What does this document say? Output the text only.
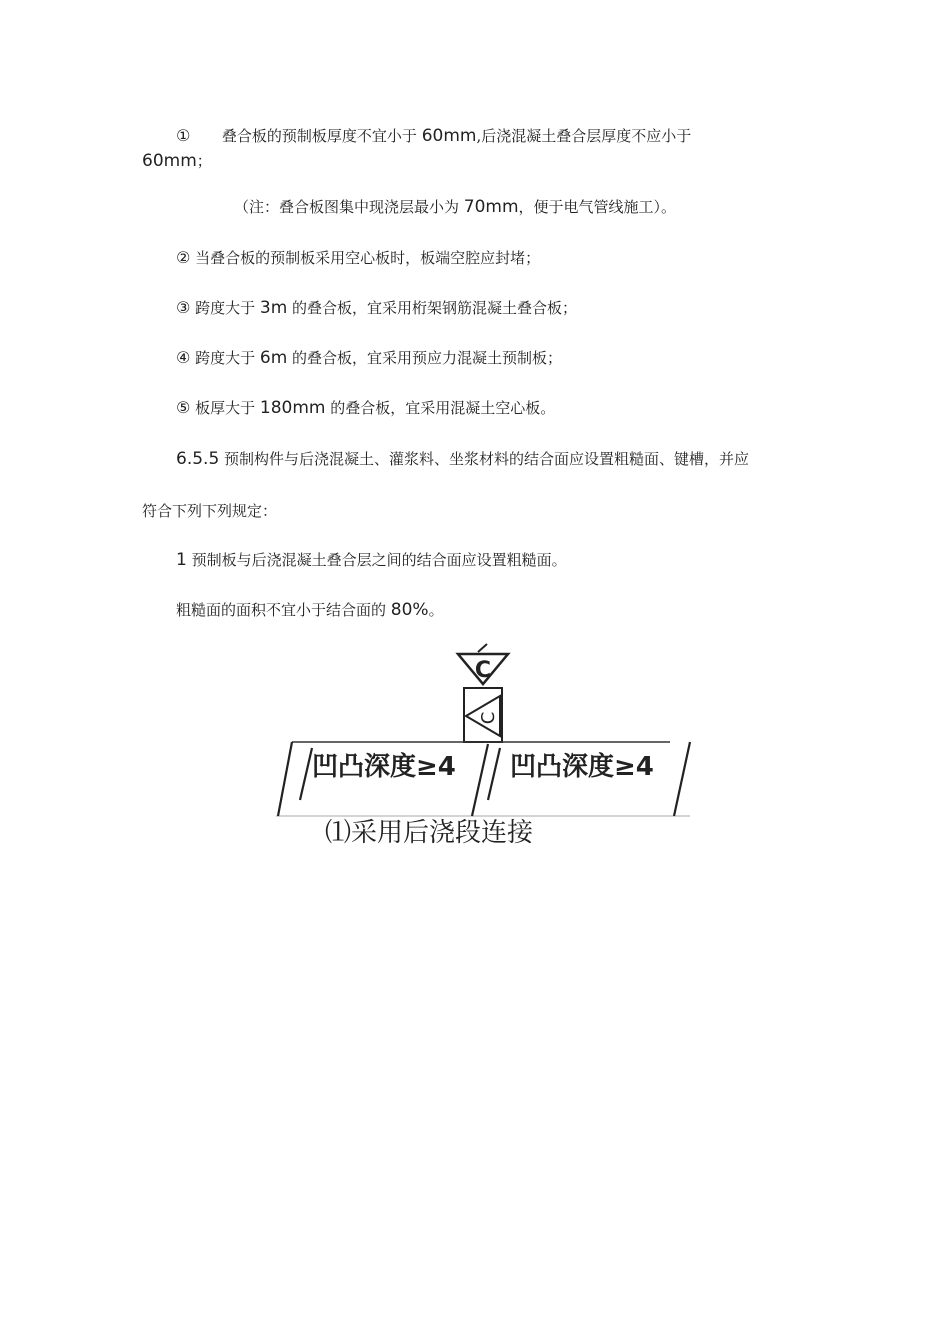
① 叠合板的预制板厚度不宜小于 60mm,后浇混凝土叠合层厚度不应小于
60mm；
（注：叠合板图集中现浇层最小为 70mm，便于电气管线施工）。
② 当叠合板的预制板采用空心板时，板端空腔应封堵；
③ 跨度大于 3m 的叠合板，宜采用桁架钢筋混凝土叠合板；
④ 跨度大于 6m 的叠合板，宜采用预应力混凝土预制板；
⑤ 板厚大于 180mm 的叠合板，宜采用混凝土空心板。
6.5.5 预制构件与后浇混凝土、灌浆料、坐浆材料的结合面应设置粗糙面、键槽，并应
符合下列下列规定：
1 预制板与后浇混凝土叠合层之间的结合面应设置粗糙面。
粗糙面的面积不宜小于结合面的 80%。
C
C
凹凸深度≥4 凹凸深度≥4
⑴采用后浇段连接
